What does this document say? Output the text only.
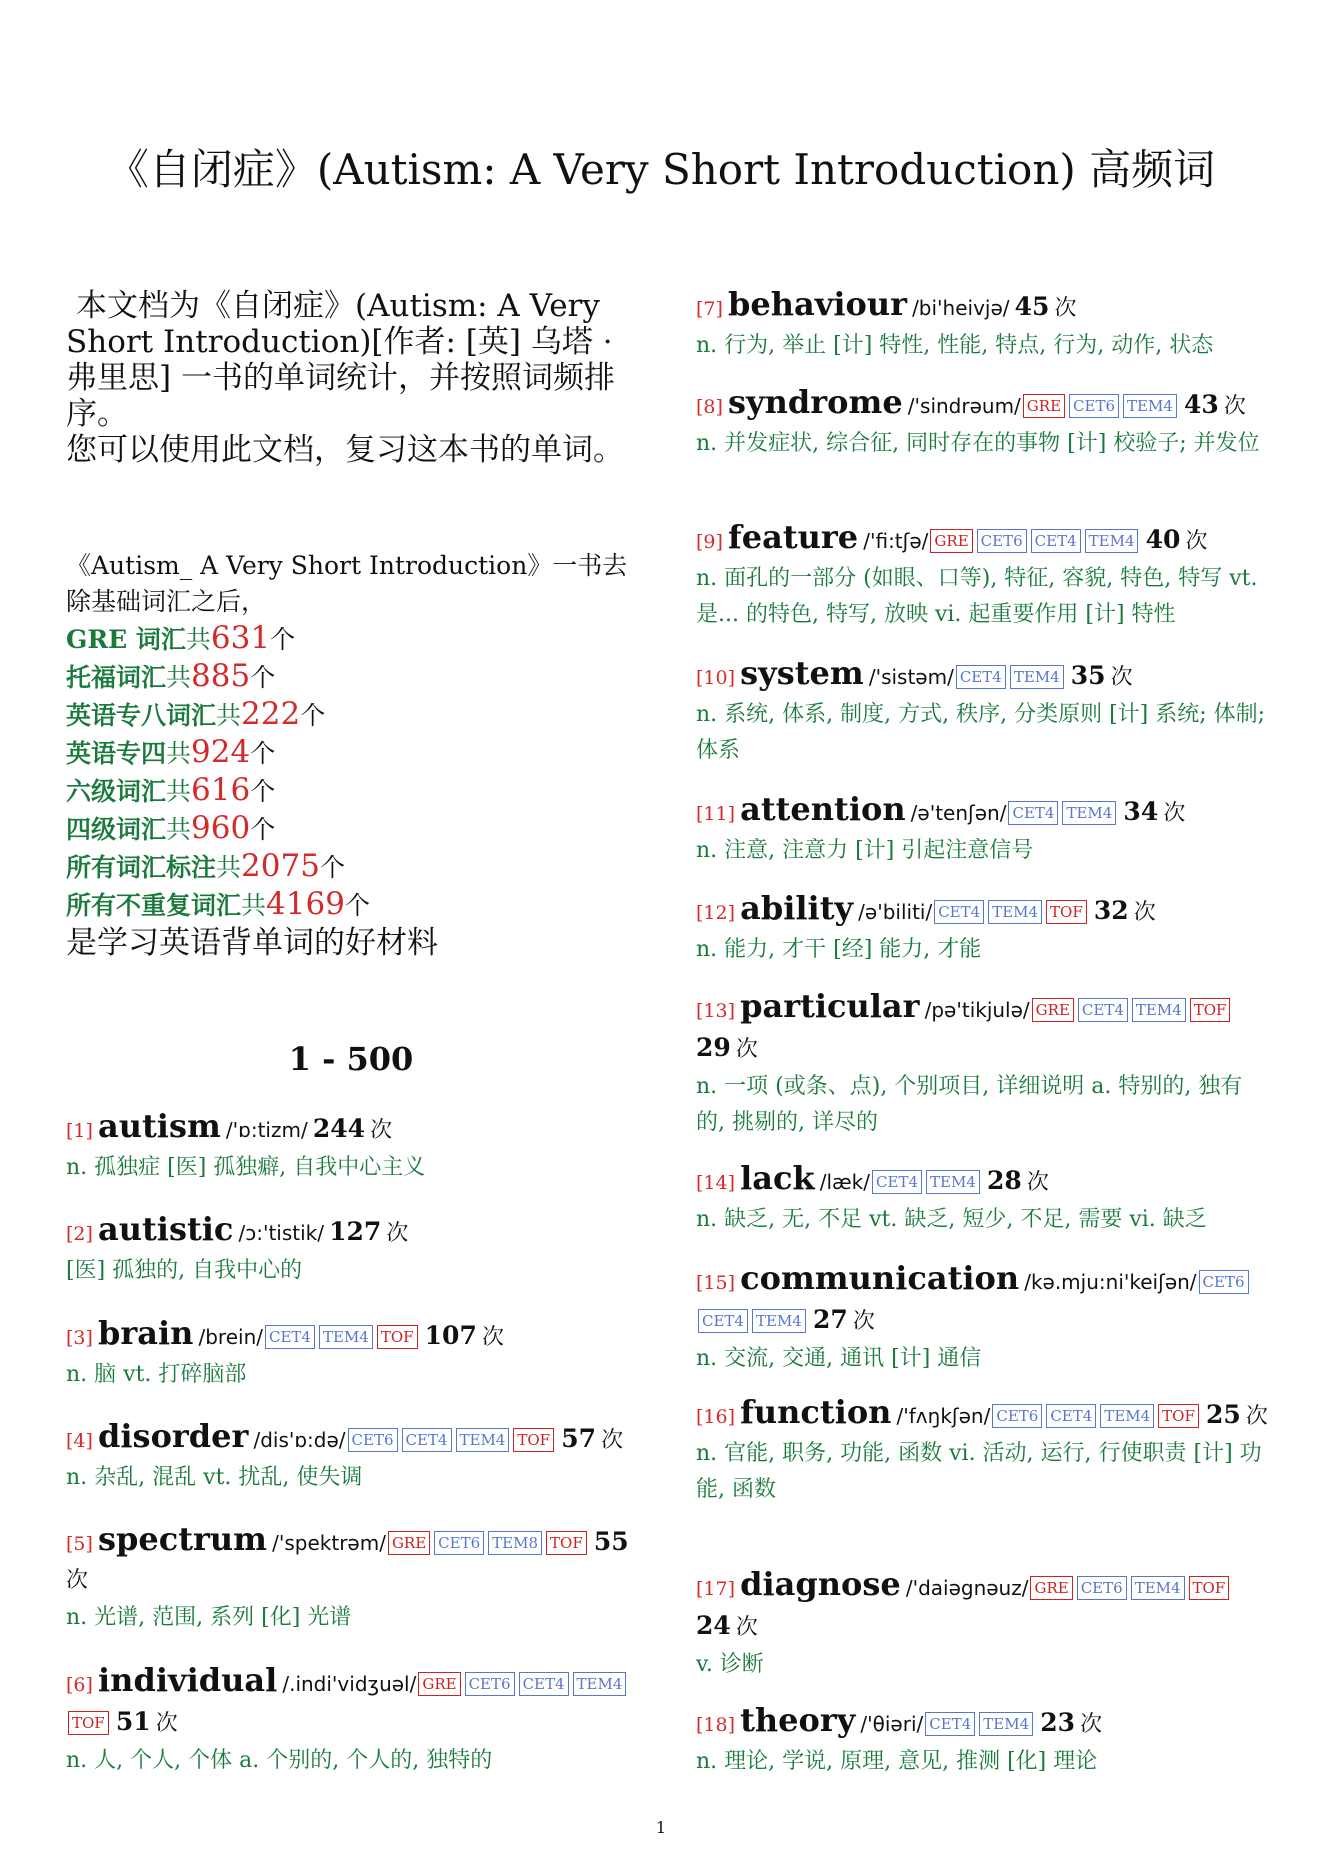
《自闭症》(Autism: A Very Short Introduction) 高频词

本文档为《自闭症》(Autism: A Very Short Introduction)[作者: [英] 乌塔 · 弗里思] 一书的单词统计，并按照词频排序。

您可以使用此文档，复习这本书的单词。

《Autism_ A Very Short Introduction》一书去除基础词汇之后，
GRE 词汇共631个
托福词汇共885个
英语专八词汇共222个
英语专四共924个
六级词汇共616个
四级词汇共960个
所有词汇标注共2075个
所有不重复词汇共4169个
是学习英语背单词的好材料
1 - 500
[1] autism /'ɒ:tizm/ 244 次
n. 孤独症 [医] 孤独癖, 自我中心主义
[2] autistic /ɔ:'tistik/ 127 次
[医] 孤独的, 自我中心的
[3] brain /brein/ CET4 TEM4 TOF 107 次
n. 脑 vt. 打碎脑部
[4] disorder /dis'ɒ:də/ CET6 CET4 TEM4 TOF 57 次
n. 杂乱, 混乱 vt. 扰乱, 使失调
[5] spectrum /'spektrəm/ GRE CET6 TEM8 TOF 55 次
n. 光谱, 范围, 系列 [化] 光谱
[6] individual /.indi'vidʒuəl/ GRE CET6 CET4 TEM4TOF 51 次
n. 人, 个人, 个体 a. 个别的, 个人的, 独特的
[7] behaviour /bi'heivjə/ 45 次
n. 行为, 举止 [计] 特性, 性能, 特点, 行为, 动作, 状态
[8] syndrome /'sindrəum/ GRE CET6 TEM4 43 次
n. 并发症状, 综合征, 同时存在的事物 [计] 校验子; 并发位
[9] feature /'fi:tʃə/ GRE CET6 CET4 TEM4 40 次
n. 面孔的一部分 (如眼、口等), 特征, 容貌, 特色, 特写 vt. 是... 的特色, 特写, 放映 vi. 起重要作用 [计] 特性
[10] system /'sistəm/ CET4 TEM4 35 次
n. 系统, 体系, 制度, 方式, 秩序, 分类原则 [计] 系统; 体制; 体系
[11] attention /ə'tenʃən/ CET4 TEM4 34 次
n. 注意, 注意力 [计] 引起注意信号
[12] ability /ə'biliti/ CET4 TEM4 TOF 32 次
n. 能力, 才干 [经] 能力, 才能
[13] particular /pə'tikjulə/ GRE CET4 TEM4 TOF 29 次
n. 一项 (或条、点), 个别项目, 详细说明 a. 特别的, 独有的, 挑剔的, 详尽的
[14] lack /læk/ CET4 TEM4 28 次
n. 缺乏, 无, 不足 vt. 缺乏, 短少, 不足, 需要 vi. 缺乏
[15] communication /kə.mju:ni'keiʃən/ CET6CET4 TEM4 27 次
n. 交流, 交通, 通讯 [计] 通信
[16] function /'fʌŋkʃən/ CET6 CET4 TEM4 TOF 25 次
n. 官能, 职务, 功能, 函数 vi. 活动, 运行, 行使职责 [计] 功能, 函数
[17] diagnose /'daiəgnəuz/ GRE CET6 TEM4 TOF 24 次
v. 诊断
[18] theory /'θiəri/ CET4 TEM4 23 次
n. 理论, 学说, 原理, 意见, 推测 [化] 理论
1
